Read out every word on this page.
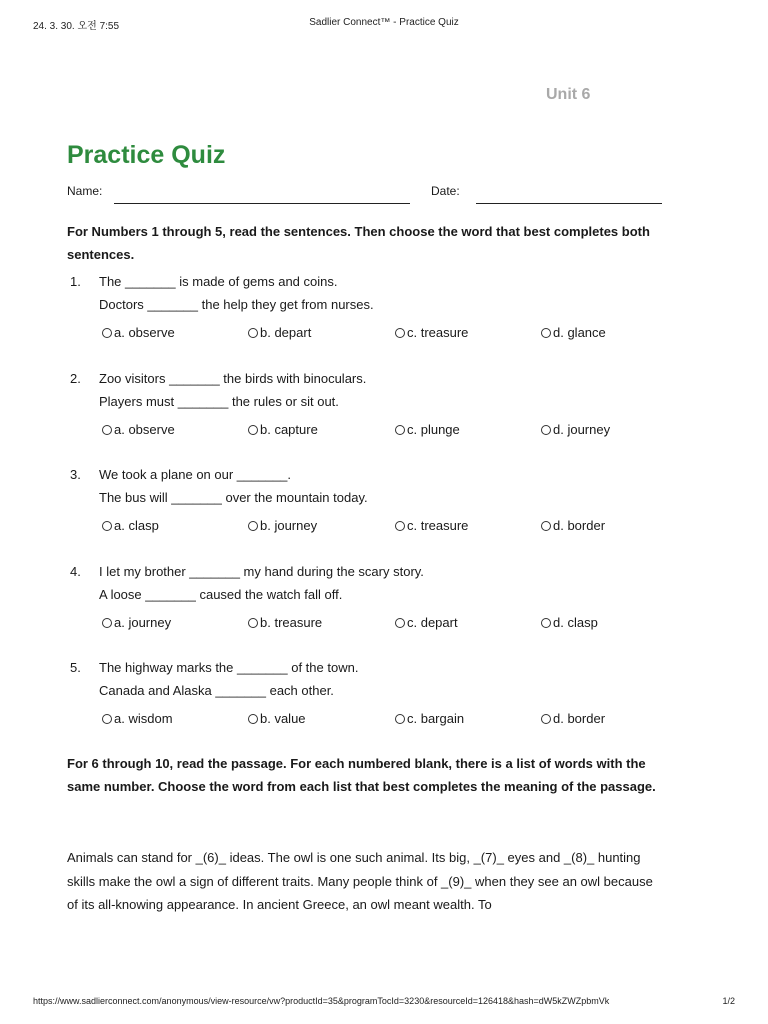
24. 3. 30. 오전 7:55	Sadlier Connect™ - Practice Quiz
Unit 6
Practice Quiz
Name:	Date:
For Numbers 1 through 5, read the sentences. Then choose the word that best completes both sentences.
1. The _______ is made of gems and coins.
Doctors _______ the help they get from nurses.
a. observe	b. depart	c. treasure	d. glance
2. Zoo visitors _______ the birds with binoculars.
Players must _______ the rules or sit out.
a. observe	b. capture	c. plunge	d. journey
3. We took a plane on our _______.
The bus will _______ over the mountain today.
a. clasp	b. journey	c. treasure	d. border
4. I let my brother _______ my hand during the scary story.
A loose _______ caused the watch fall off.
a. journey	b. treasure	c. depart	d. clasp
5. The highway marks the _______ of the town.
Canada and Alaska _______ each other.
a. wisdom	b. value	c. bargain	d. border
For 6 through 10, read the passage. For each numbered blank, there is a list of words with the same number. Choose the word from each list that best completes the meaning of the passage.
Animals can stand for _(6)_ ideas. The owl is one such animal. Its big, _(7)_ eyes and _(8)_ hunting skills make the owl a sign of different traits. Many people think of _(9)_ when they see an owl because of its all-knowing appearance. In ancient Greece, an owl meant wealth. To
https://www.sadlierconnect.com/anonymous/view-resource/vw?productId=35&programTocId=3230&resourceId=126418&hash=dW5kZWZpbmVk	1/2
